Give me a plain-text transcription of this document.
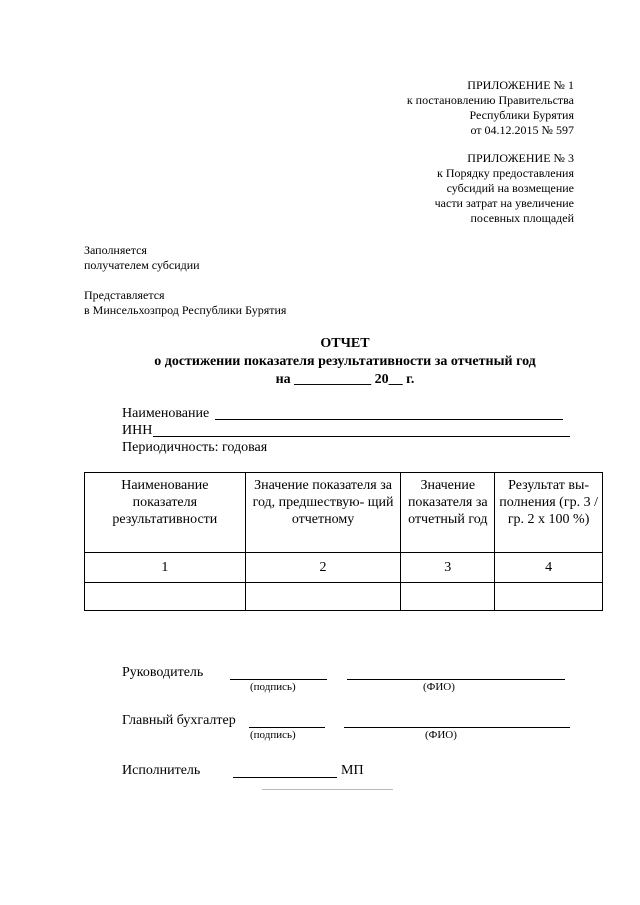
ПРИЛОЖЕНИЕ № 1
к постановлению Правительства
Республики Бурятия
от 04.12.2015 № 597
ПРИЛОЖЕНИЕ № 3
к Порядку предоставления
субсидий на возмещение
части затрат на увеличение
посевных площадей
Заполняется
получателем субсидии
Представляется
в Минсельхозпрод Республики Бурятия
ОТЧЕТ
о достижении показателя результативности за отчетный год
на ___________ 20__ г.
Наименование
ИНН
Периодичность: годовая
Наименование показателя результативности	Значение показателя за год, предшествую- щий отчетному	Значение показателя за отчетный год	Результат вы- полнения (гр. 3 / гр. 2 х 100 %)
1	2	3	4

Руководитель
(подпись)	(ФИО)
Главный бухгалтер
(подпись)	(ФИО)
Исполнитель	МП
